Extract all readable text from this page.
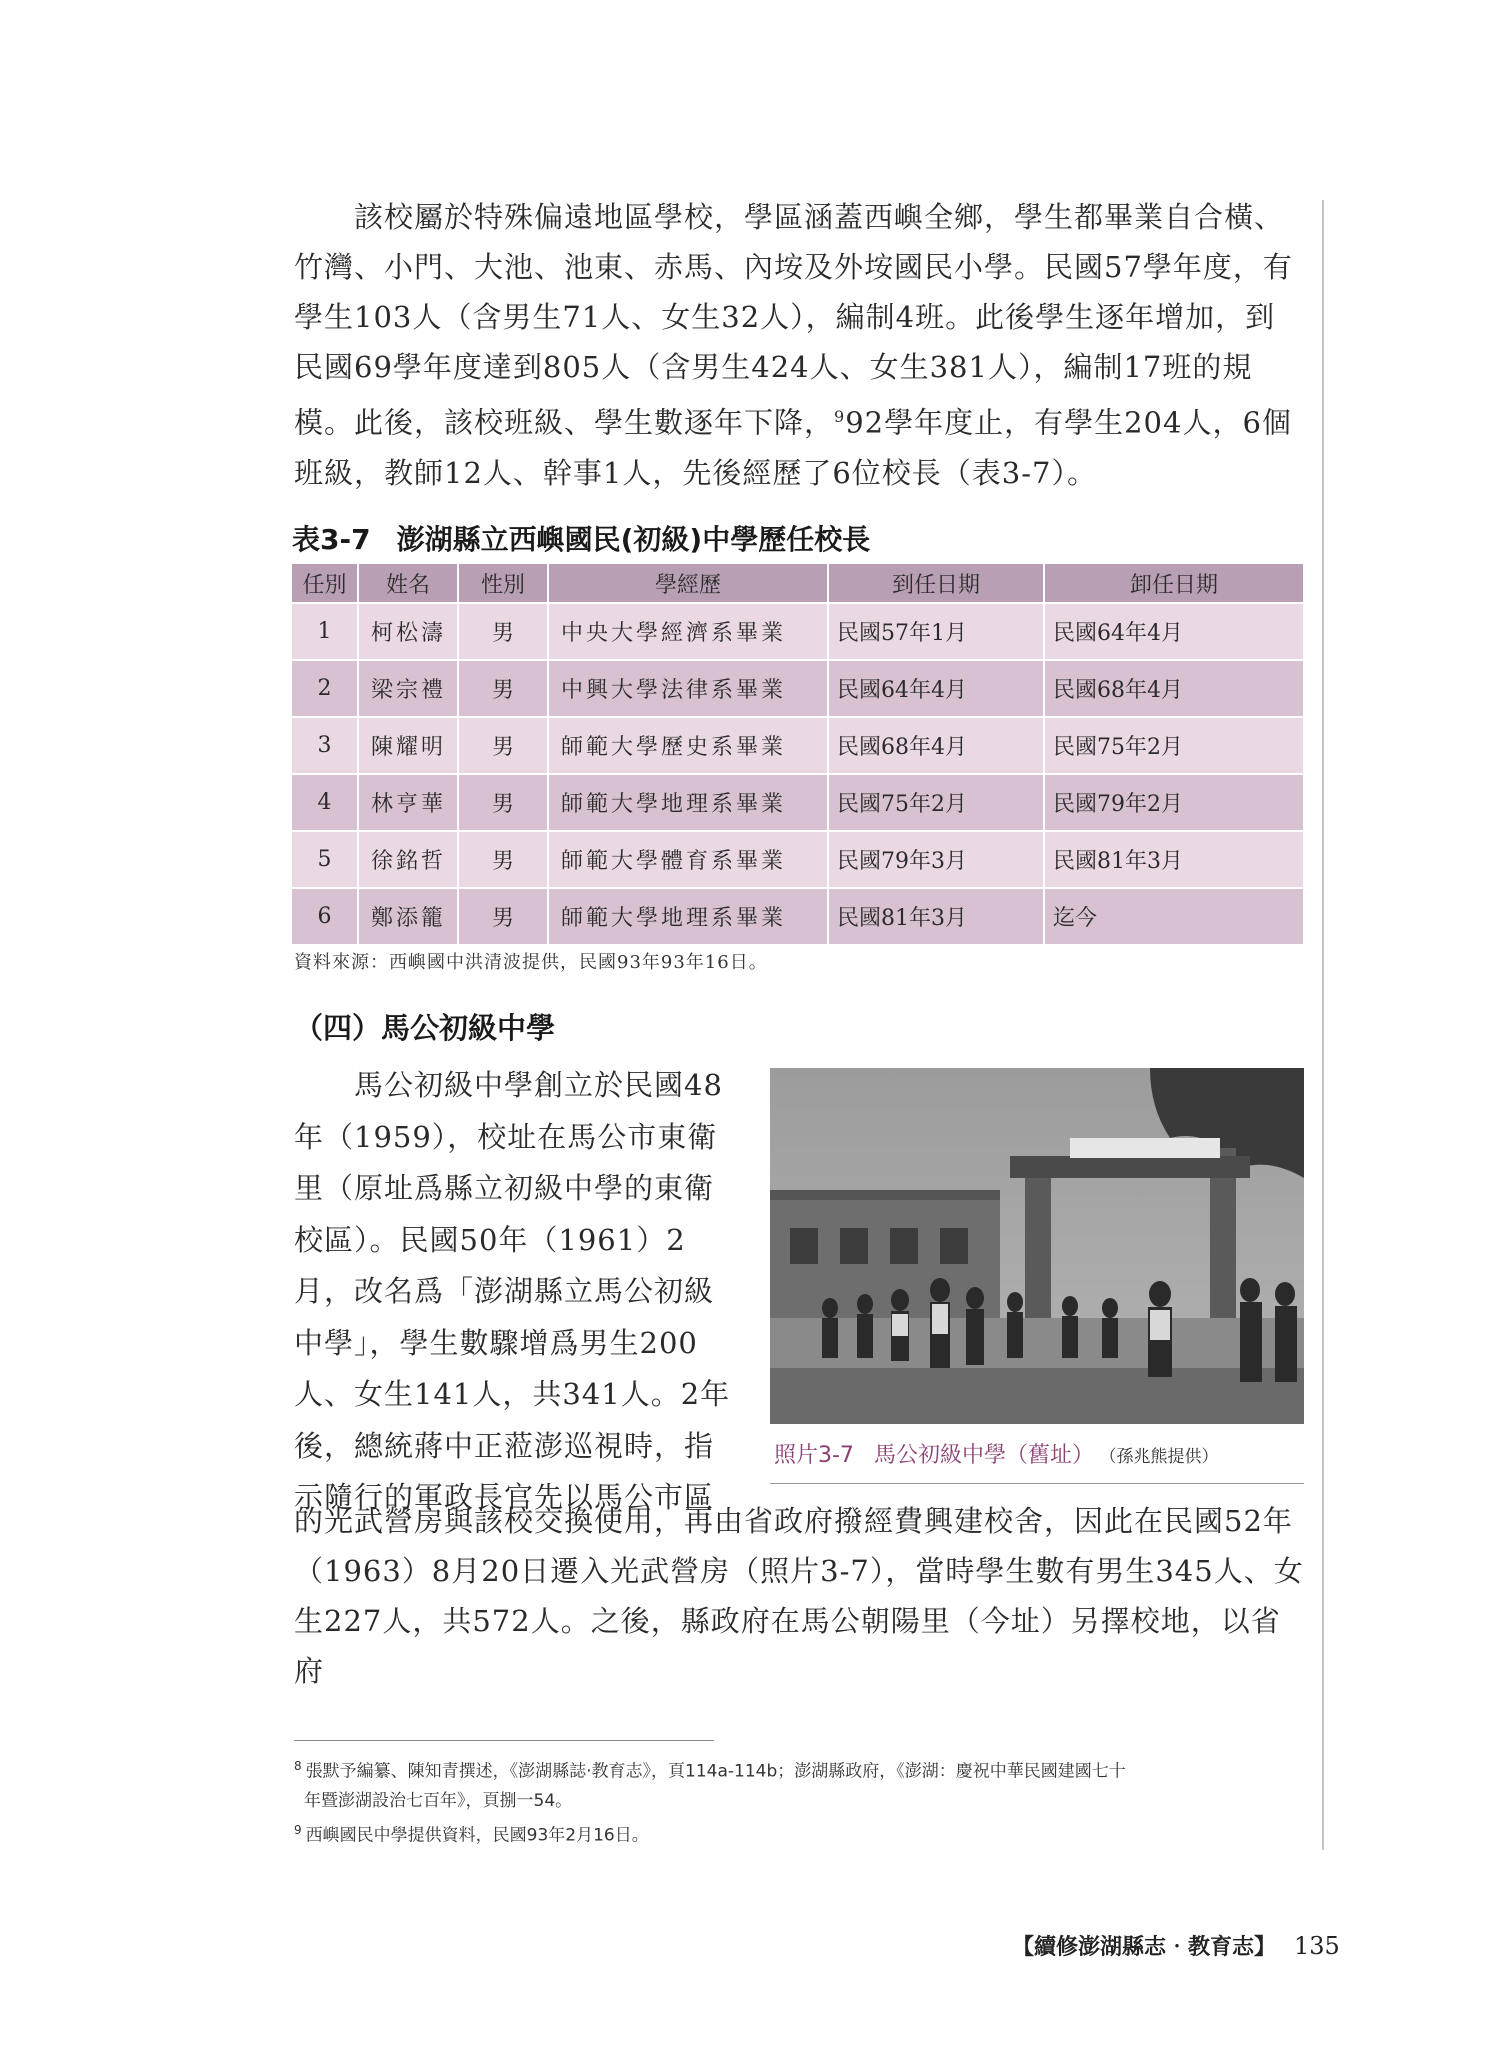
該校屬於特殊偏遠地區學校，學區涵蓋西嶼全鄉，學生都畢業自合橫、竹灣、小門、大池、池東、赤馬、內垵及外垵國民小學。民國57學年度，有學生103人（含男生71人、女生32人），編制4班。此後學生逐年增加，到民國69學年度達到805人（含男生424人、女生381人），編制17班的規模。此後，該校班級、學生數逐年下降，$^9$92學年度止，有學生204人，6個班級，教師12人、幹事1人，先後經歷了6位校長（表3-7）。

表3-7 澎湖縣立西嶼國民(初級)中學歷任校長
任別	姓名	性別	學經歷	到任日期	卸任日期
1	柯松濤	男	中央大學經濟系畢業	民國57年1月	民國64年4月
2	梁宗禮	男	中興大學法律系畢業	民國64年4月	民國68年4月
3	陳耀明	男	師範大學歷史系畢業	民國68年4月	民國75年2月
4	林亨華	男	師範大學地理系畢業	民國75年2月	民國79年2月
5	徐銘哲	男	師範大學體育系畢業	民國79年3月	民國81年3月
6	鄭添籠	男	師範大學地理系畢業	民國81年3月	迄今
資料來源：西嶼國中洪清波提供，民國93年93年16日。
（四）馬公初級中學

馬公初級中學創立於民國48年（1959），校址在馬公市東衛里（原址爲縣立初級中學的東衛校區）。民國50年（1961）2月，改名爲「澎湖縣立馬公初級中學」，學生數驟增爲男生200人、女生141人，共341人。2年後，總統蔣中正蒞澎巡視時，指示隨行的軍政長官先以馬公市區

照片3-7 馬公初級中學（舊址） （孫兆熊提供）

的光武營房與該校交換使用，再由省政府撥經費興建校舍，因此在民國52年（1963）8月20日遷入光武營房（照片3-7），當時學生數有男生345人、女生227人，共572人。之後，縣政府在馬公朝陽里（今址）另擇校地，以省府

$^8$ 張默予編纂、陳知青撰述，《澎湖縣誌‧教育志》，頁114a-114b；澎湖縣政府，《澎湖：慶祝中華民國建國七十

年暨澎湖設治七百年》，頁捌一54。

$^9$ 西嶼國民中學提供資料，民國93年2月16日。

【續修澎湖縣志‧教育志】 135
